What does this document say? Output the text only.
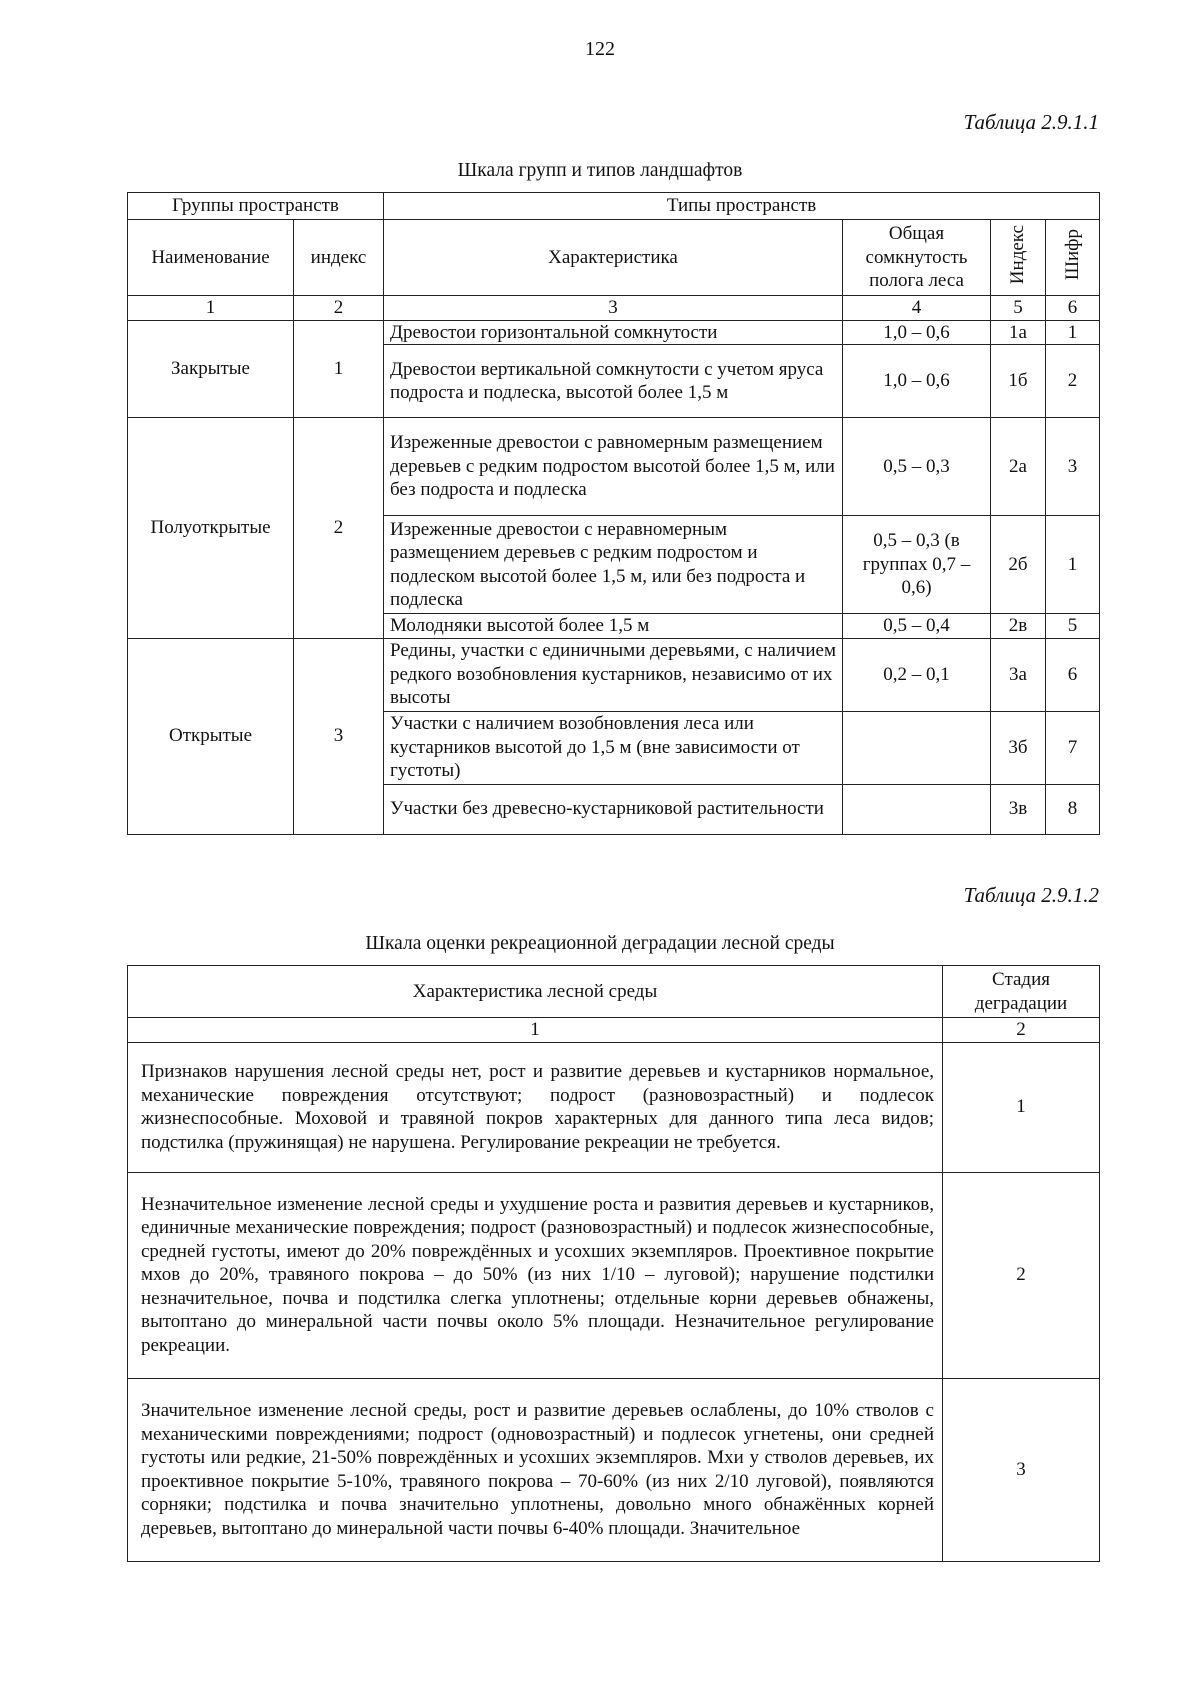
122
Таблица 2.9.1.1
Шкала групп и типов ландшафтов
Группы пространств		Типы пространств			
Наименование	индекс	Характеристика	Общая сомкнутость полога леса	Индекс	Шифр
1	2	3	4	5	6
Закрытые	1	Древостои горизонтальной сомкнутости	1,0 – 0,6	1а	1
		Древостои вертикальной сомкнутости с учетом яруса подроста и подлеска, высотой более 1,5 м	1,0 – 0,6	1б	2
Полуоткрытые	2	Изреженные древостои с равномерным размещением деревьев с редким подростом высотой более 1,5 м, или без подроста и подлеска	0,5 – 0,3	2а	3
		Изреженные древостои с неравномерным размещением деревьев с редким подростом и подлеском высотой более 1,5 м, или без подроста и подлеска	0,5 – 0,3 (в группах 0,7 – 0,6)	2б	1
		Молодняки высотой более 1,5 м	0,5 – 0,4	2в	5
Открытые	3	Редины, участки с единичными деревьями, с наличием редкого возобновления кустарников, независимо от их высоты	0,2 – 0,1	3а	6
		Участки с наличием возобновления леса или кустарников высотой до 1,5 м (вне зависимости от густоты)		3б	7
		Участки без древесно-кустарниковой растительности		3в	8
Таблица 2.9.1.2
Шкала оценки рекреационной деградации лесной среды
Характеристика лесной среды	Стадия деградации
1	2
Признаков нарушения лесной среды нет, рост и развитие деревьев и кустарников нормальное, механические повреждения отсутствуют; подрост (разновозрастный) и подлесок жизнеспособные. Моховой и травяной покров характерных для данного типа леса видов; подстилка (пружинящая) не нарушена. Регулирование рекреации не требуется.	1
Незначительное изменение лесной среды и ухудшение роста и развития деревьев и кустарников, единичные механические повреждения; подрост (разновозрастный) и подлесок жизнеспособные, средней густоты, имеют до 20% повреждённых и усохших экземпляров. Проективное покрытие мхов до 20%, травяного покрова – до 50% (из них 1/10 – луговой); нарушение подстилки незначительное, почва и подстилка слегка уплотнены; отдельные корни деревьев обнажены, вытоптано до минеральной части почвы около 5% площади. Незначительное регулирование рекреации.	2
Значительное изменение лесной среды, рост и развитие деревьев ослаблены, до 10% стволов с механическими повреждениями; подрост (одновозрастный) и подлесок угнетены, они средней густоты или редкие, 21-50% повреждённых и усохших экземпляров. Мхи у стволов деревьев, их проективное покрытие 5-10%, травяного покрова – 70-60% (из них 2/10 луговой), появляются сорняки; подстилка и почва значительно уплотнены, довольно много обнажённых корней деревьев, вытоптано до минеральной части почвы 6-40% площади. Значительное	3
